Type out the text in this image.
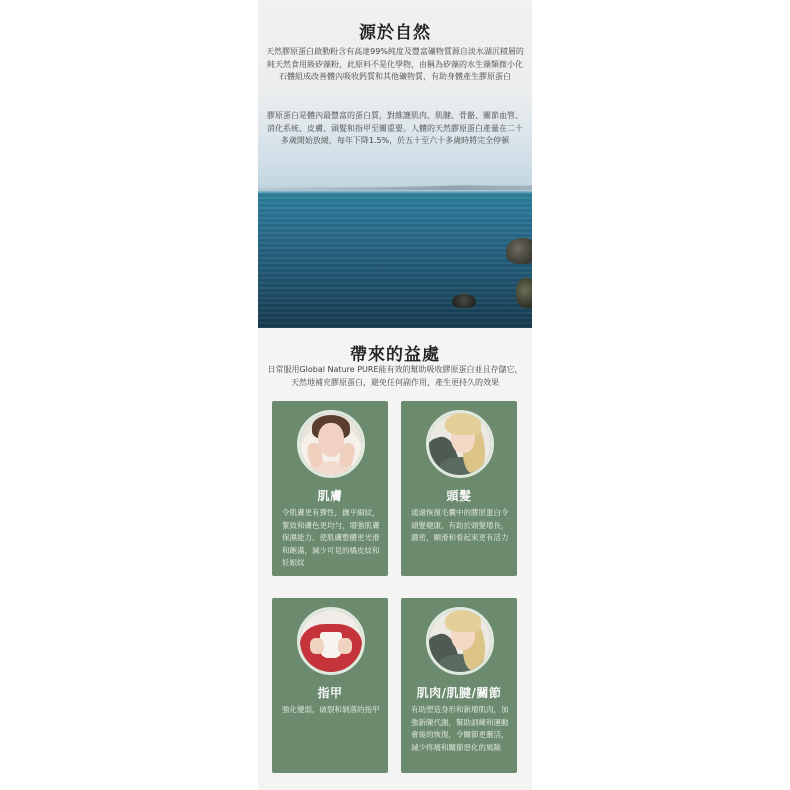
源於自然

天然膠原蛋白啟動粉含有高達99%純度及豐富礦物質源自淡水湖沉積層的純天然食用級矽藻粉，此原料不是化學物，由稱為矽藻的水生藻類微小化石體組成改善體內吸收鈣質和其他礦物質，有助身體產生膠原蛋白

膠原蛋白是體內最豐富的蛋白質，對維護肌肉、肌腱、骨骼、關節血管、消化系統、皮膚、頭髮和指甲至關重要。人體的天然膠原蛋白產量在二十多歲開始放緩，每年下降1.5%，於五十至六十多歲時將完全停頓

帶來的益處

日常服用Global Nature PURE能有效的幫助吸收膠原蛋白並且存儲它，天然地補充膠原蛋白，避免任何副作用，產生更持久的效果

肌膚

令肌膚更有彈性，撫平細紋，緊致和膚色更均勻，增強肌膚保濕能力，使肌膚整體更光滑和飽滿，減少可見的橘皮紋和妊娠紋

頭髮

通過恢復毛囊中的膠原蛋白令頭髮健康，有助於頭髮增長，濃密，順滑和看起來更有活力

指甲

強化變弱，破裂和剝落的指甲

肌肉/肌腱/關節

有助塑造身形和新增肌肉，加強新陳代謝，幫助訓練和運動會後的恢復，令關節更靈活，減少疼痛和關節惡化的風險
